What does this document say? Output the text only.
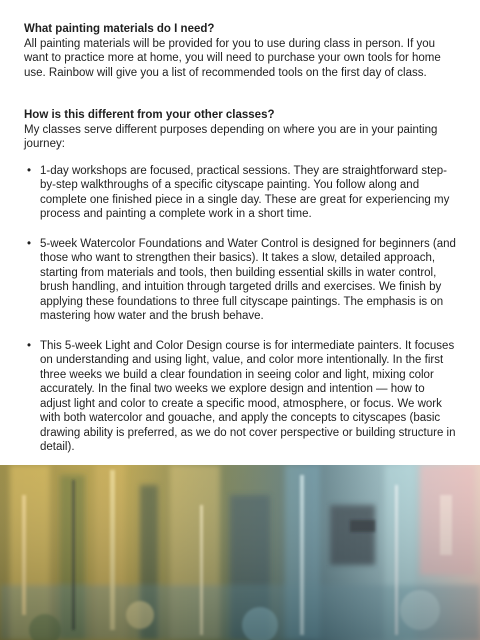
What painting materials do I need?

All painting materials will be provided for you to use during class in person. If you want to practice more at home, you will need to purchase your own tools for home use. Rainbow will give you a list of recommended tools on the first day of class.

How is this different from your other classes?

My classes serve different purposes depending on where you are in your painting journey:

• 1-day workshops are focused, practical sessions. They are straightforward step-by-step walkthroughs of a specific cityscape painting. You follow along and complete one finished piece in a single day. These are great for experiencing my process and painting a complete work in a short time.
• 5-week Watercolor Foundations and Water Control is designed for beginners (and those who want to strengthen their basics). It takes a slow, detailed approach, starting from materials and tools, then building essential skills in water control, brush handling, and intuition through targeted drills and exercises. We finish by applying these foundations to three full cityscape paintings. The emphasis is on mastering how water and the brush behave.
• This 5-week Light and Color Design course is for intermediate painters. It focuses on understanding and using light, value, and color more intentionally. In the first three weeks we build a clear foundation in seeing color and light, mixing color accurately. In the final two weeks we explore design and intention — how to adjust light and color to create a specific mood, atmosphere, or focus. We work with both watercolor and gouache, and apply the concepts to cityscapes (basic drawing ability is preferred, as we do not cover perspective or building structure in detail).
